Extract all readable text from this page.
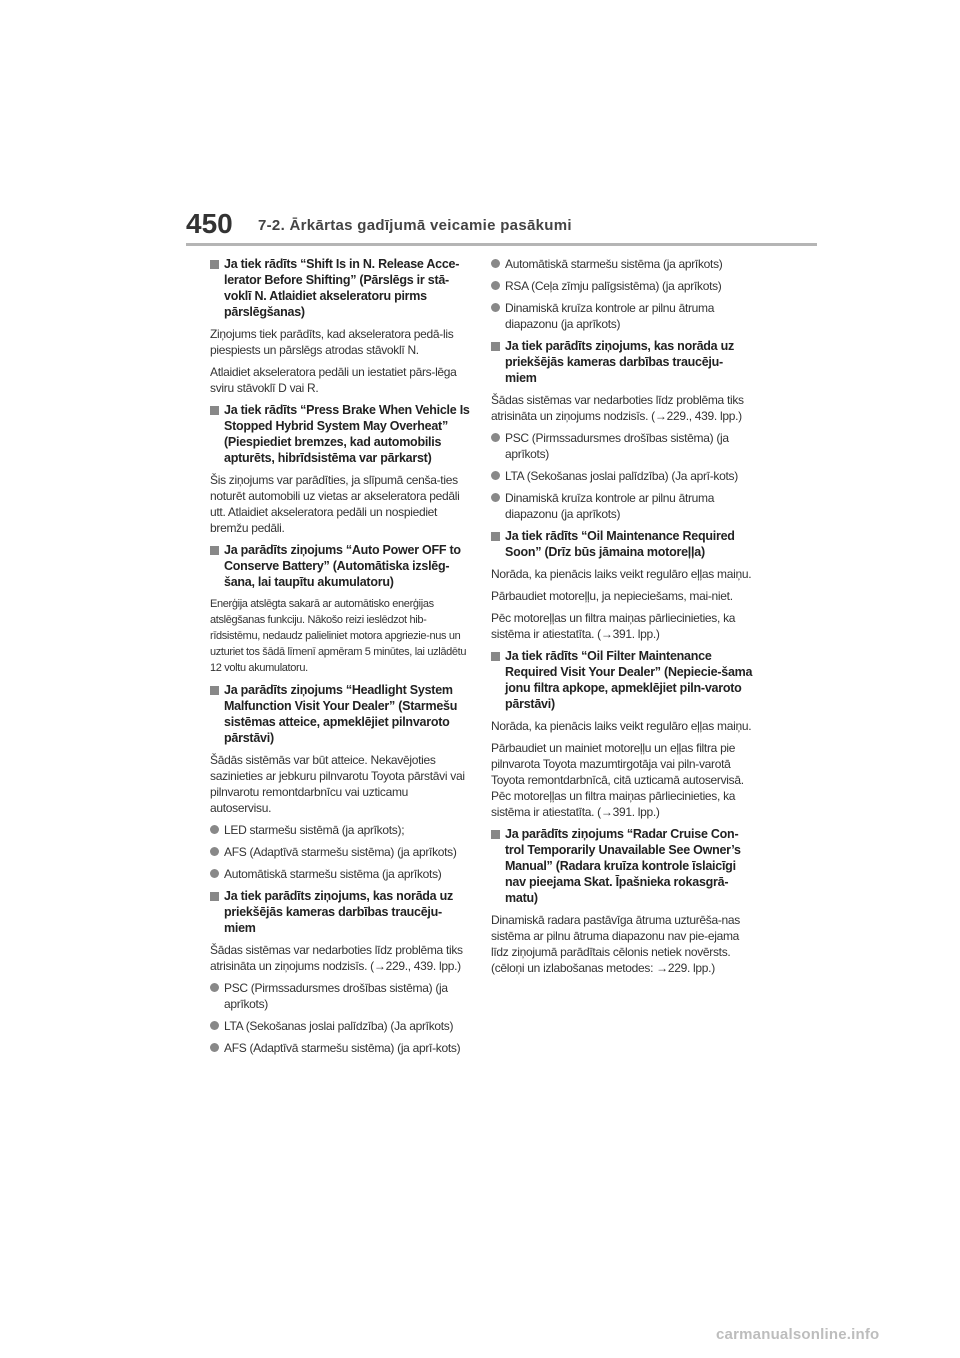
450 7-2. Ārkārtas gadījumā veicamie pasākumi
Ja tiek rādīts “Shift Is in N. Release Acce-lerator Before Shifting” (Pārslēgs ir stā-voklī N. Atlaidiet akseleratoru pirms pārslēgšanas)
Ziņojums tiek parādīts, kad akseleratora pedā-lis piespiests un pārslēgs atrodas stāvoklī N.
Atlaidiet akseleratora pedāli un iestatiet pārs-lēga sviru stāvoklī D vai R.
Ja tiek rādīts “Press Brake When Vehicle Is Stopped Hybrid System May Overheat” (Piespiediet bremzes, kad automobilis apturēts, hibrīdsistēma var pārkarst)
Šis ziņojums var parādīties, ja slīpumā cenša-ties noturēt automobili uz vietas ar akseleratora pedāli utt. Atlaidiet akseleratora pedāli un nospiediet bremžu pedāli.
Ja parādīts ziņojums “Auto Power OFF to Conserve Battery” (Automātiska izslēg-šana, lai taupītu akumulatoru)
Enerģija atslēgta sakarā ar automātisko enerģijas atslēgšanas funkciju. Nākošo reizi ieslēdzot hib-rīdsistēmu, nedaudz palieliniet motora apgriezie-nus un uzturiet tos šādā līmenī apmēram 5 minūtes, lai uzlādētu 12 voltu akumulatoru.
Ja parādīts ziņojums “Headlight System Malfunction Visit Your Dealer” (Starmešu sistēmas atteice, apmeklējiet pilnvaroto pārstāvi)
Šādās sistēmās var būt atteice. Nekavējoties sazinieties ar jebkuru pilnvarotu Toyota pārstāvi vai pilnvarotu remontdarbnīcu vai uzticamu autoservisu.
LED starmešu sistēmā (ja aprīkots);
AFS (Adaptīvā starmešu sistēma) (ja aprīkots)
Automātiskā starmešu sistēma (ja aprīkots)
Ja tiek parādīts ziņojums, kas norāda uz priekšējās kameras darbības traucēju-miem
Šādas sistēmas var nedarboties līdz problēma tiks atrisināta un ziņojums nodzisīs. (→229., 439. lpp.)
PSC (Pirmssadursmes drošības sistēma) (ja aprīkots)
LTA (Sekošanas joslai palīdzība) (Ja aprīkots)
AFS (Adaptīvā starmešu sistēma) (ja aprī-kots)
Automātiskā starmešu sistēma (ja aprīkots)
RSA (Ceļa zīmju palīgsistēma) (ja aprīkots)
Dinamiskā kruīza kontrole ar pilnu ātruma diapazonu (ja aprīkots)
Ja tiek parādīts ziņojums, kas norāda uz priekšējās kameras darbības traucēju-miem
Šādas sistēmas var nedarboties līdz problēma tiks atrisināta un ziņojums nodzisīs. (→229., 439. lpp.)
PSC (Pirmssadursmes drošības sistēma) (ja aprīkots)
LTA (Sekošanas joslai palīdzība) (Ja aprī-kots)
Dinamiskā kruīza kontrole ar pilnu ātruma diapazonu (ja aprīkots)
Ja tiek rādīts “Oil Maintenance Required Soon” (Drīz būs jāmaina motoreļļa)
Norāda, ka pienācis laiks veikt regulāro eļļas maiņu.
Pārbaudiet motoreļļu, ja nepieciešams, mai-niet.
Pēc motoreļļas un filtra maiņas pārliecinieties, ka sistēma ir atiestatīta. (→391. lpp.)
Ja tiek rādīts “Oil Filter Maintenance Required Visit Your Dealer” (Nepiecie-šama jonu filtra apkope, apmeklējiet piln-varoto pārstāvi)
Norāda, ka pienācis laiks veikt regulāro eļļas maiņu.
Pārbaudiet un mainiet motoreļļu un eļļas filtra pie pilnvarota Toyota mazumtirgotāja vai piln-varotā Toyota remontdarbnīcā, citā uzticamā autoservisā. Pēc motoreļļas un filtra maiņas pārliecinieties, ka sistēma ir atiestatīta. (→391. lpp.)
Ja parādīts ziņojums “Radar Cruise Con-trol Temporarily Unavailable See Owner’s Manual” (Radara kruīza kontrole īslaicīgi nav pieejama Skat. Īpašnieka rokasgrā-matu)
Dinamiskā radara pastāvīga ātruma uzturēša-nas sistēma ar pilnu ātruma diapazonu nav pie-ejama līdz ziņojumā parādītais cēlonis netiek novērsts. (cēloņi un izlabošanas metodes: →229. lpp.)
carmanualsonline.info
